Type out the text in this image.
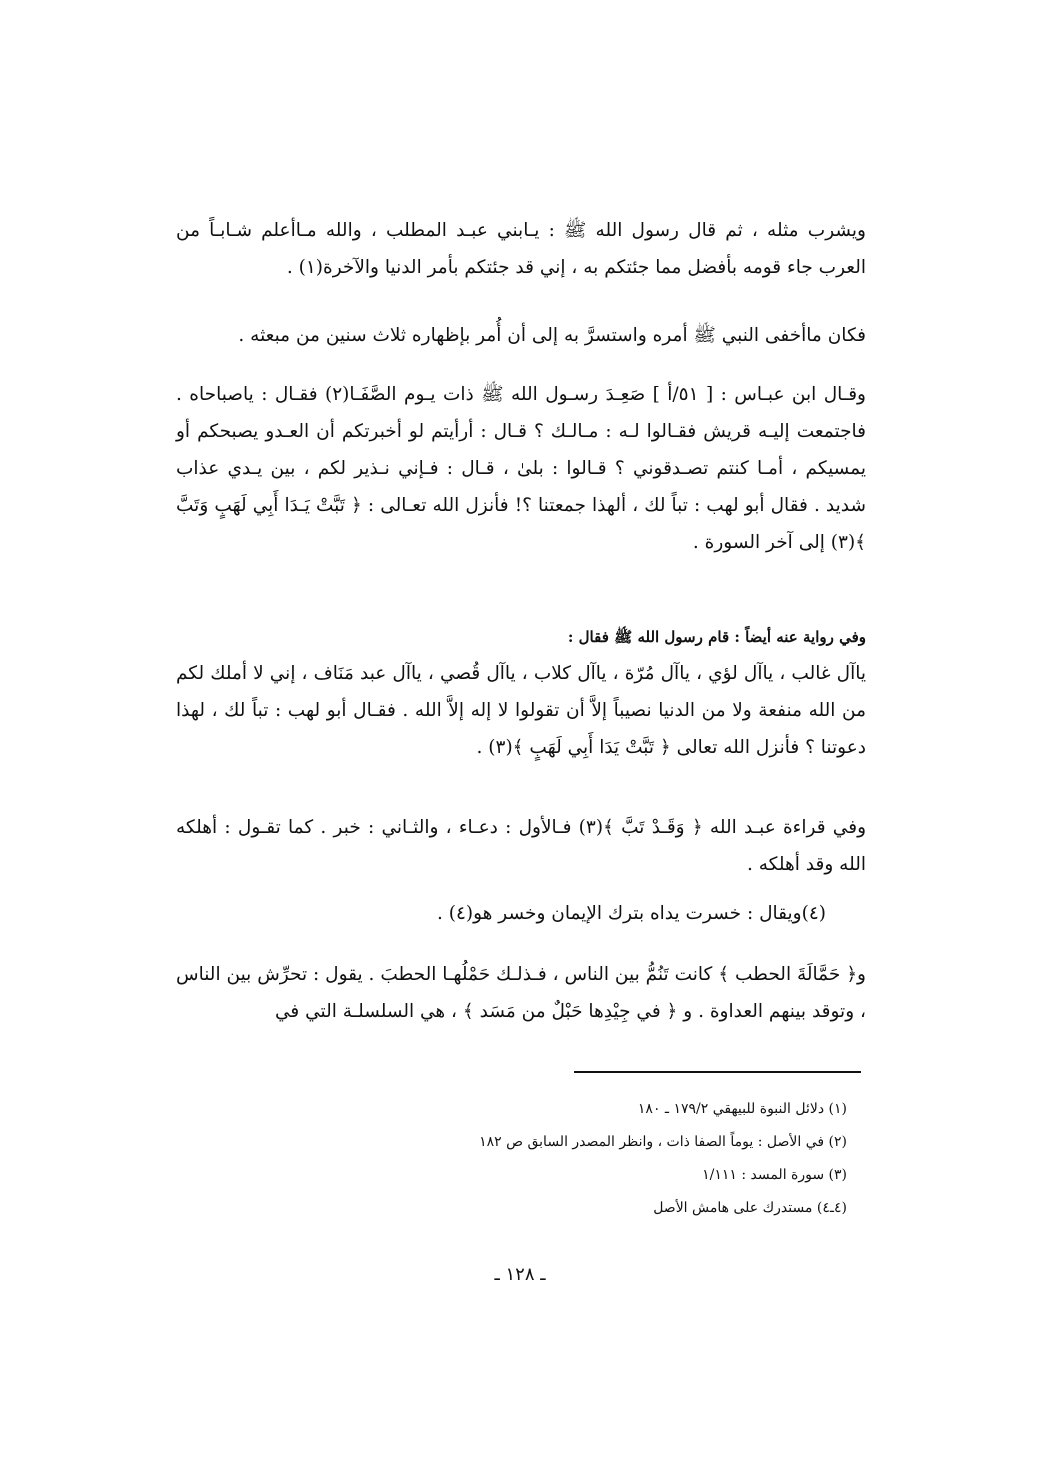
ويشرب مثله ، ثم قال رسول الله ﷺ : يـابني عبـد المطلب ، والله مـاأعلم شـابـاً من العرب جاء قومه بأفضل مما جئتكم به ، إني قد جئتكم بأمر الدنيا والآخرة(١) .

فكان ماأخفى النبي ﷺ أمره واستسرَّ به إلى أن أُمر بإظهاره ثلاث سنين من مبعثه .

وقـال ابن عبـاس : [ ٥١/أ ] صَعِـدَ رسـول الله ﷺ ذات يـوم الصَّفَـا(٢) فقـال : ياصباحاه . فاجتمعت إليـه قريش فقـالوا لـه : مـالـك ؟ قـال : أرأيتم لو أخبرتكم أن العـدو يصبحكم أو يمسيكم ، أمـا كنتم تصـدقوني ؟ قـالوا : بلىٰ ، قـال : فـإني نـذير لكم ، بين يـدي عذاب شديد . فقال أبو لهب : تباً لك ، ألهذا جمعتنا ؟! فأنزل الله تعـالى : ﴿ تَبَّتْ يَـدَا أَبِي لَهَبٍ وَتَبَّ ﴾(٣) إلى آخر السورة .

وفي رواية عنه أيضاً : قام رسول الله ﷺ فقال :

ياآل غالب ، ياآل لؤي ، ياآل مُرّة ، ياآل كلاب ، ياآل قُصي ، ياآل عبد مَنَاف ، إني لا أملك لكم من الله منفعة ولا من الدنيا نصيباً إلاَّ أن تقولوا لا إله إلاَّ الله . فقـال أبو لهب : تباً لك ، لهذا دعوتنا ؟ فأنزل الله تعالى ﴿ تَبَّتْ يَدَا أَبِي لَهَبٍ ﴾(٣) .

وفي قراءة عبـد الله ﴿ وَقَـدْ تَبَّ ﴾(٣) فـالأول : دعـاء ، والثـاني : خبر . كما تقـول : أهلكه الله وقد أهلكه .

(٤)ويقال : خسرت يداه بترك الإيمان وخسر هو(٤) .

و﴿ حَمَّالَةَ الحطب ﴾ كانت تَنُمُّ بين الناس ، فـذلـك حَمْلُهـا الحطبَ . يقول : تحرِّش بين الناس ، وتوقد بينهم العداوة . و ﴿ في جِيْدِها حَبْلٌ من مَسَد ﴾ ، هي السلسلـة التي في

(١) دلائل النبوة للبيهقي ١٧٩/٢ ـ ١٨٠

(٢) في الأصل : يوماً الصفا ذات ، وانظر المصدر السابق ص ١٨٢

(٣) سورة المسد : ١/١١١

(٤ـ٤) مستدرك على هامش الأصل

ـ ١٢٨ ـ
